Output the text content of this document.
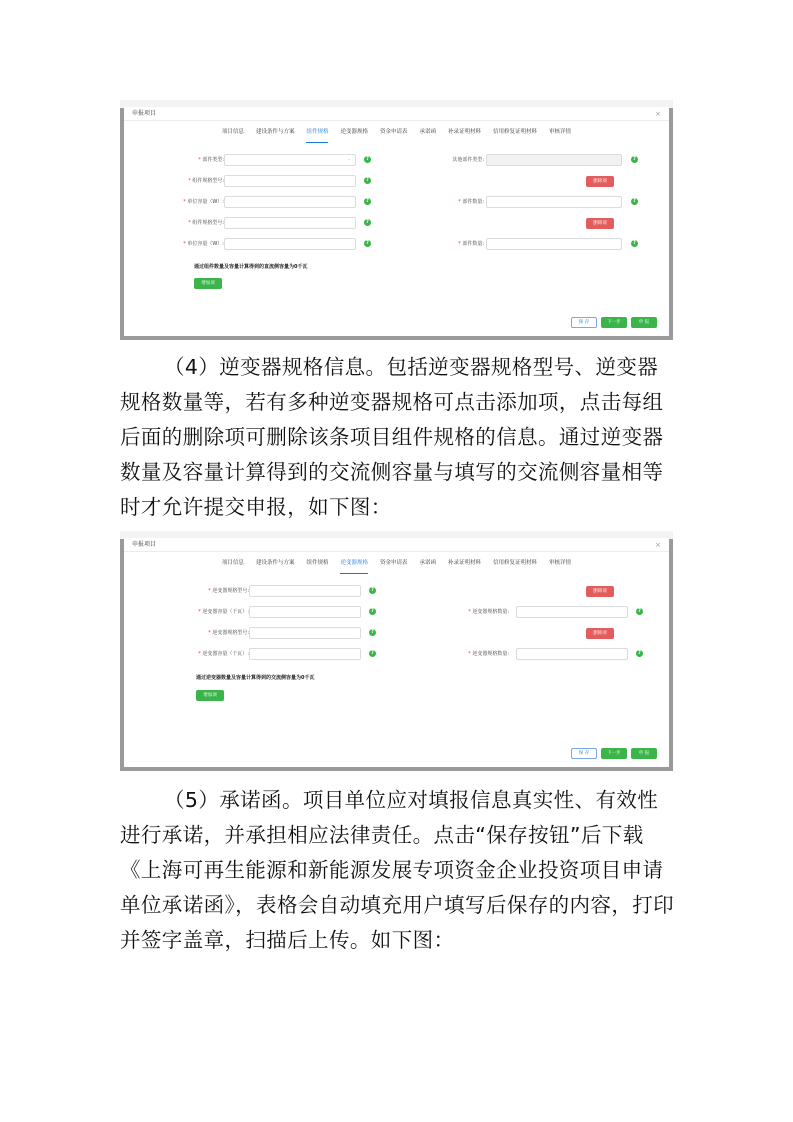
申报项目	×
项目信息 建设条件与方案 组件规格 逆变器规格 资金申请表 承诺函 补录证明材料 信用修复证明材料 审核详情
* 部件类型:	⌄	?	其他部件类型:	?
* 组件规格型号:	?	删除项
* 单位容量（W）:	?	* 部件数量:	?
* 组件规格型号:	?	删除项
* 单位容量（W）:	?	* 部件数量:	?
通过组件数量及容量计算得到的直流侧容量为0千瓦
增加项
保 存	下一步	申 报
（4）逆变器规格信息。包括逆变器规格型号、逆变器规格数量等，若有多种逆变器规格可点击添加项，点击每组后面的删除项可删除该条项目组件规格的信息。通过逆变器数量及容量计算得到的交流侧容量与填写的交流侧容量相等时才允许提交申报，如下图：
申报项目	×
项目信息 建设条件与方案 组件规格 逆变器规格 资金申请表 承诺函 补录证明材料 信用修复证明材料 审核详情
* 逆变器规格型号:	?	删除项
* 逆变器容量（千瓦）:	?	* 逆变器规格数量:	?
* 逆变器规格型号:	?	删除项
* 逆变器容量（千瓦）:	?	* 逆变器规格数量:	?
通过逆变器数量及容量计算得到的交流侧容量为0千瓦
增加项
保 存	下一步	申 报
（5）承诺函。项目单位应对填报信息真实性、有效性进行承诺，并承担相应法律责任。点击“保存按钮”后下载《上海可再生能源和新能源发展专项资金企业投资项目申请单位承诺函》，表格会自动填充用户填写后保存的内容，打印并签字盖章，扫描后上传。如下图：
